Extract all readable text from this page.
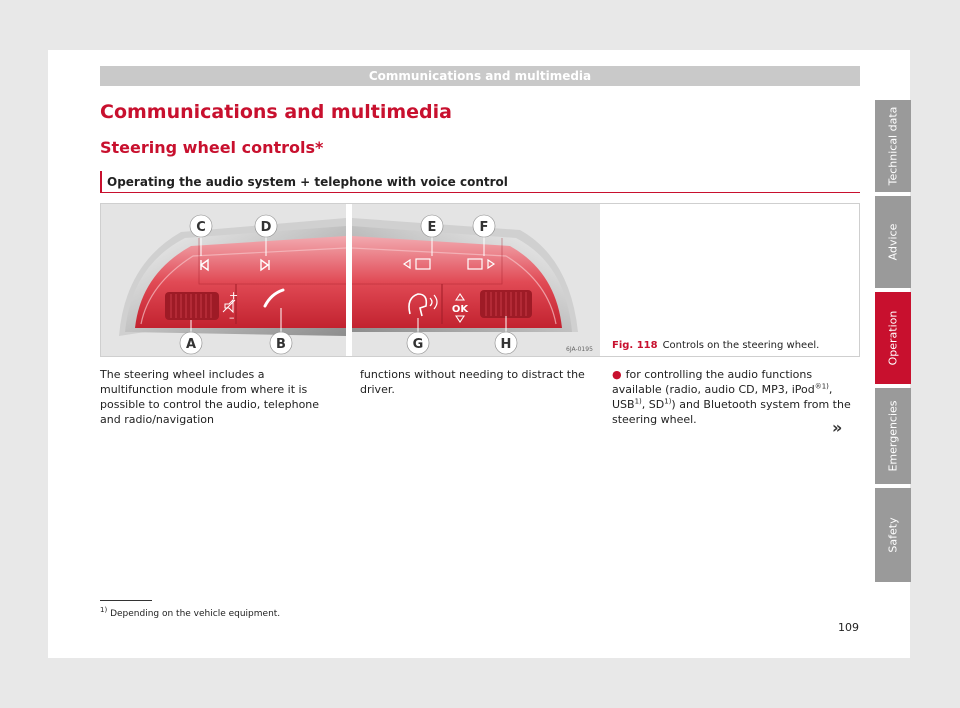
Communications and multimedia
Communications and multimedia
Steering wheel controls*
Operating the audio system + telephone with voice control
+
–
C	D
A	B
OK
E	F
G	H	6JA-0195 Fig. 118 Controls on the steering wheel.

The steering wheel includes a multifunction module from where it is possible to control the audio, telephone and radio/navigation

functions without needing to distract the driver.

● for controlling the audio functions available (radio, audio CD, MP3, iPod$^{®1)}$, USB$^{1)}$, SD$^{1)}$) and Bluetooth system from the steering wheel.	»
$^{1)}$ Depending on the vehicle equipment.
109
Technical data
Advice
Operation
Emergencies
Safety
